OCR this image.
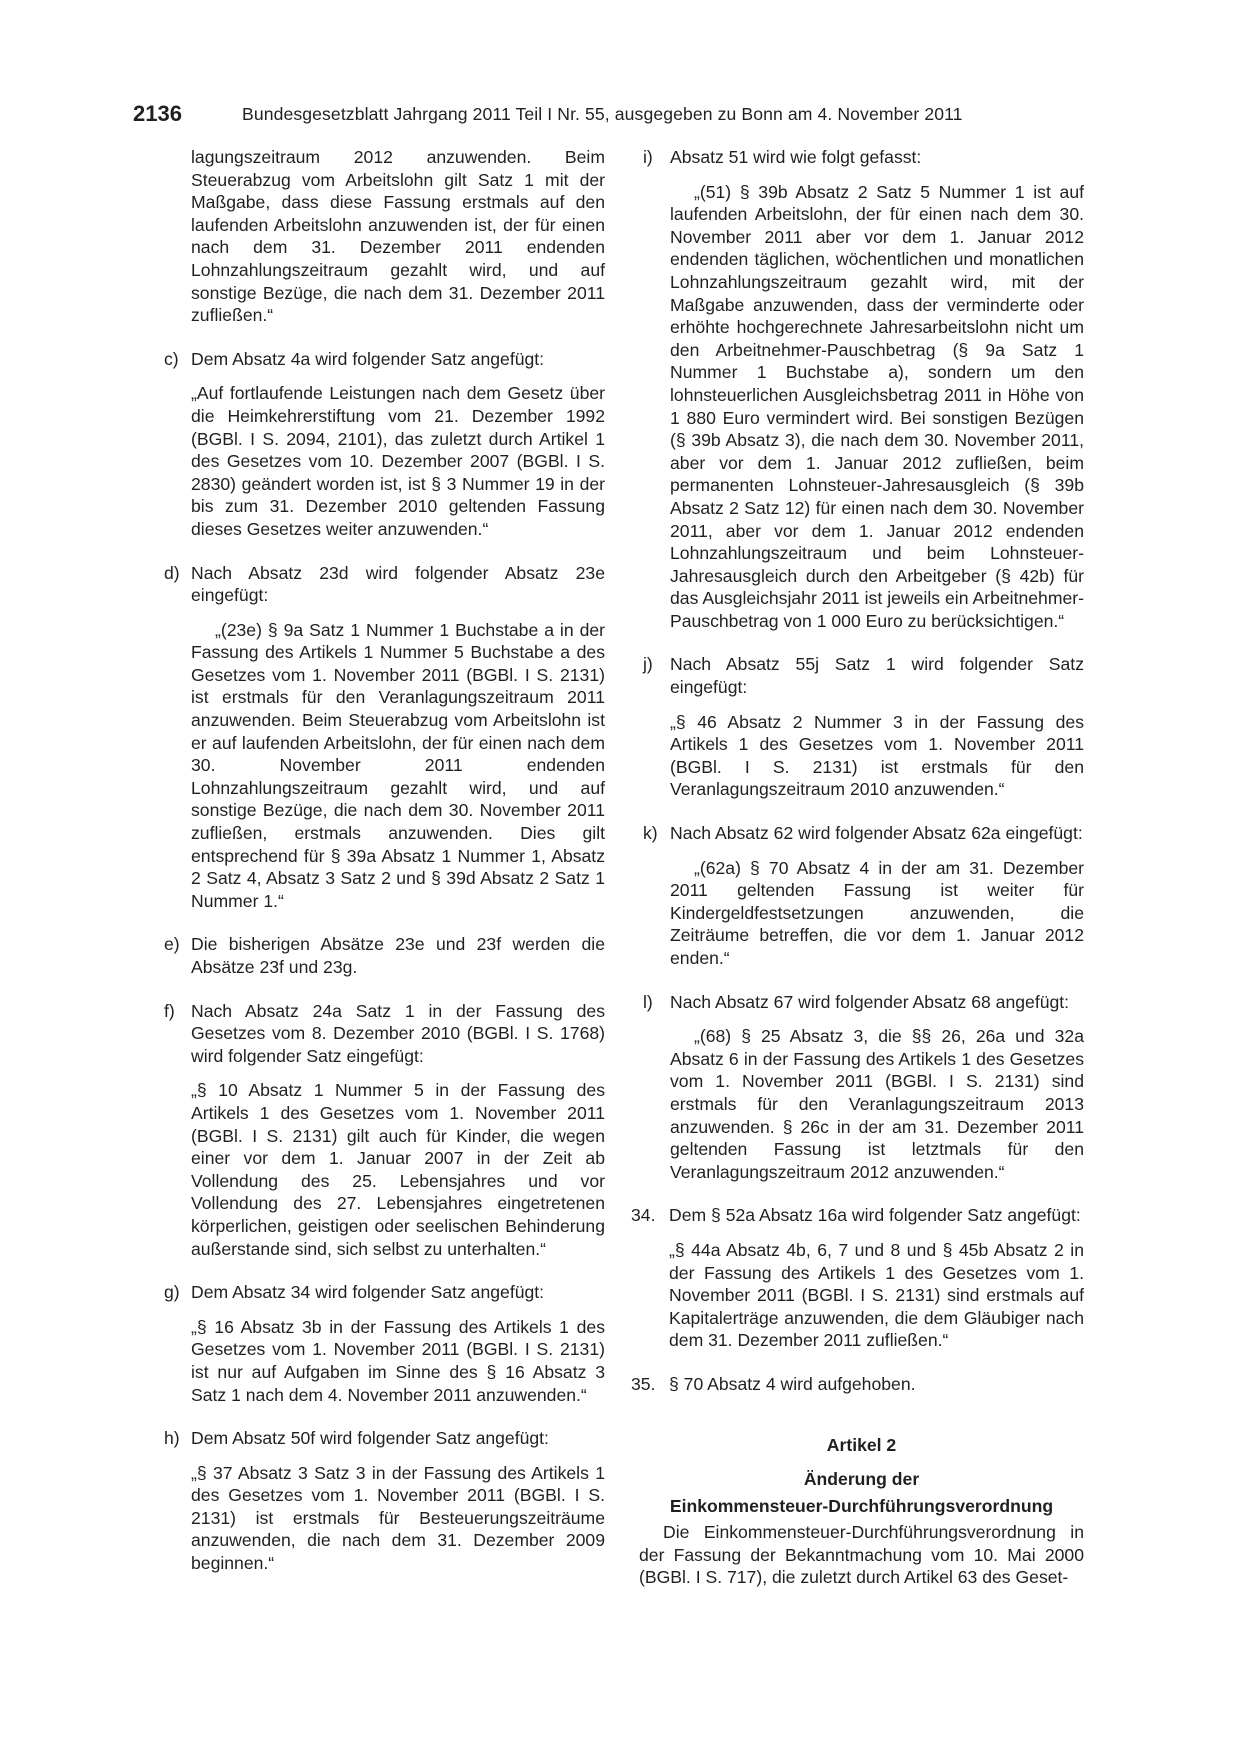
2136	Bundesgesetzblatt Jahrgang 2011 Teil I Nr. 55, ausgegeben zu Bonn am 4. November 2011

lagungszeitraum 2012 anzuwenden. Beim Steuerabzug vom Arbeitslohn gilt Satz 1 mit der Maßgabe, dass diese Fassung erstmals auf den laufenden Arbeitslohn anzuwenden ist, der für einen nach dem 31. Dezember 2011 endenden Lohnzahlungszeitraum gezahlt wird, und auf sonstige Bezüge, die nach dem 31. Dezember 2011 zufließen.“

c) Dem Absatz 4a wird folgender Satz angefügt:
„Auf fortlaufende Leistungen nach dem Gesetz über die Heimkehrerstiftung vom 21. Dezember 1992 (BGBl. I S. 2094, 2101), das zuletzt durch Artikel 1 des Gesetzes vom 10. Dezember 2007 (BGBl. I S. 2830) geändert worden ist, ist § 3 Nummer 19 in der bis zum 31. Dezember 2010 geltenden Fassung dieses Gesetzes weiter anzuwenden.“
d) Nach Absatz 23d wird folgender Absatz 23e eingefügt:
„(23e) § 9a Satz 1 Nummer 1 Buchstabe a in der Fassung des Artikels 1 Nummer 5 Buchstabe a des Gesetzes vom 1. November 2011 (BGBl. I S. 2131) ist erstmals für den Veranlagungszeitraum 2011 anzuwenden. Beim Steuerabzug vom Arbeitslohn ist er auf laufenden Arbeitslohn, der für einen nach dem 30. November 2011 endenden Lohnzahlungszeitraum gezahlt wird, und auf sonstige Bezüge, die nach dem 30. November 2011 zufließen, erstmals anzuwenden. Dies gilt entsprechend für § 39a Absatz 1 Nummer 1, Absatz 2 Satz 4, Absatz 3 Satz 2 und § 39d Absatz 2 Satz 1 Nummer 1.“
e) Die bisherigen Absätze 23e und 23f werden die Absätze 23f und 23g.
f) Nach Absatz 24a Satz 1 in der Fassung des Gesetzes vom 8. Dezember 2010 (BGBl. I S. 1768) wird folgender Satz eingefügt:
„§ 10 Absatz 1 Nummer 5 in der Fassung des Artikels 1 des Gesetzes vom 1. November 2011 (BGBl. I S. 2131) gilt auch für Kinder, die wegen einer vor dem 1. Januar 2007 in der Zeit ab Vollendung des 25. Lebensjahres und vor Vollendung des 27. Lebensjahres eingetretenen körperlichen, geistigen oder seelischen Behinderung außerstande sind, sich selbst zu unterhalten.“
g) Dem Absatz 34 wird folgender Satz angefügt:
„§ 16 Absatz 3b in der Fassung des Artikels 1 des Gesetzes vom 1. November 2011 (BGBl. I S. 2131) ist nur auf Aufgaben im Sinne des § 16 Absatz 3 Satz 1 nach dem 4. November 2011 anzuwenden.“
h) Dem Absatz 50f wird folgender Satz angefügt:
„§ 37 Absatz 3 Satz 3 in der Fassung des Artikels 1 des Gesetzes vom 1. November 2011 (BGBl. I S. 2131) ist erstmals für Besteuerungszeiträume anzuwenden, die nach dem 31. Dezember 2009 beginnen.“
i) Absatz 51 wird wie folgt gefasst:
„(51) § 39b Absatz 2 Satz 5 Nummer 1 ist auf laufenden Arbeitslohn, der für einen nach dem 30. November 2011 aber vor dem 1. Januar 2012 endenden täglichen, wöchentlichen und monatlichen Lohnzahlungszeitraum gezahlt wird, mit der Maßgabe anzuwenden, dass der verminderte oder erhöhte hochgerechnete Jahresarbeitslohn nicht um den Arbeitnehmer-Pauschbetrag (§ 9a Satz 1 Nummer 1 Buchstabe a), sondern um den lohnsteuerlichen Ausgleichsbetrag 2011 in Höhe von 1 880 Euro vermindert wird. Bei sonstigen Bezügen (§ 39b Absatz 3), die nach dem 30. November 2011, aber vor dem 1. Januar 2012 zufließen, beim permanenten Lohnsteuer-Jahresausgleich (§ 39b Absatz 2 Satz 12) für einen nach dem 30. November 2011, aber vor dem 1. Januar 2012 endenden Lohnzahlungszeitraum und beim Lohnsteuer-Jahresausgleich durch den Arbeitgeber (§ 42b) für das Ausgleichsjahr 2011 ist jeweils ein Arbeitnehmer-Pauschbetrag von 1 000 Euro zu berücksichtigen.“
j) Nach Absatz 55j Satz 1 wird folgender Satz eingefügt:
„§ 46 Absatz 2 Nummer 3 in der Fassung des Artikels 1 des Gesetzes vom 1. November 2011 (BGBl. I S. 2131) ist erstmals für den Veranlagungszeitraum 2010 anzuwenden.“
k) Nach Absatz 62 wird folgender Absatz 62a eingefügt:
„(62a) § 70 Absatz 4 in der am 31. Dezember 2011 geltenden Fassung ist weiter für Kindergeldfestsetzungen anzuwenden, die Zeiträume betreffen, die vor dem 1. Januar 2012 enden.“
l) Nach Absatz 67 wird folgender Absatz 68 angefügt:
„(68) § 25 Absatz 3, die §§ 26, 26a und 32a Absatz 6 in der Fassung des Artikels 1 des Gesetzes vom 1. November 2011 (BGBl. I S. 2131) sind erstmals für den Veranlagungszeitraum 2013 anzuwenden. § 26c in der am 31. Dezember 2011 geltenden Fassung ist letztmals für den Veranlagungszeitraum 2012 anzuwenden.“
34. Dem § 52a Absatz 16a wird folgender Satz angefügt:
„§ 44a Absatz 4b, 6, 7 und 8 und § 45b Absatz 2 in der Fassung des Artikels 1 des Gesetzes vom 1. November 2011 (BGBl. I S. 2131) sind erstmals auf Kapitalerträge anzuwenden, die dem Gläubiger nach dem 31. Dezember 2011 zufließen.“
35. § 70 Absatz 4 wird aufgehoben.
Artikel 2
Änderung der
Einkommensteuer-Durchführungsverordnung

Die Einkommensteuer-Durchführungsverordnung in der Fassung der Bekanntmachung vom 10. Mai 2000 (BGBl. I S. 717), die zuletzt durch Artikel 63 des Geset-
